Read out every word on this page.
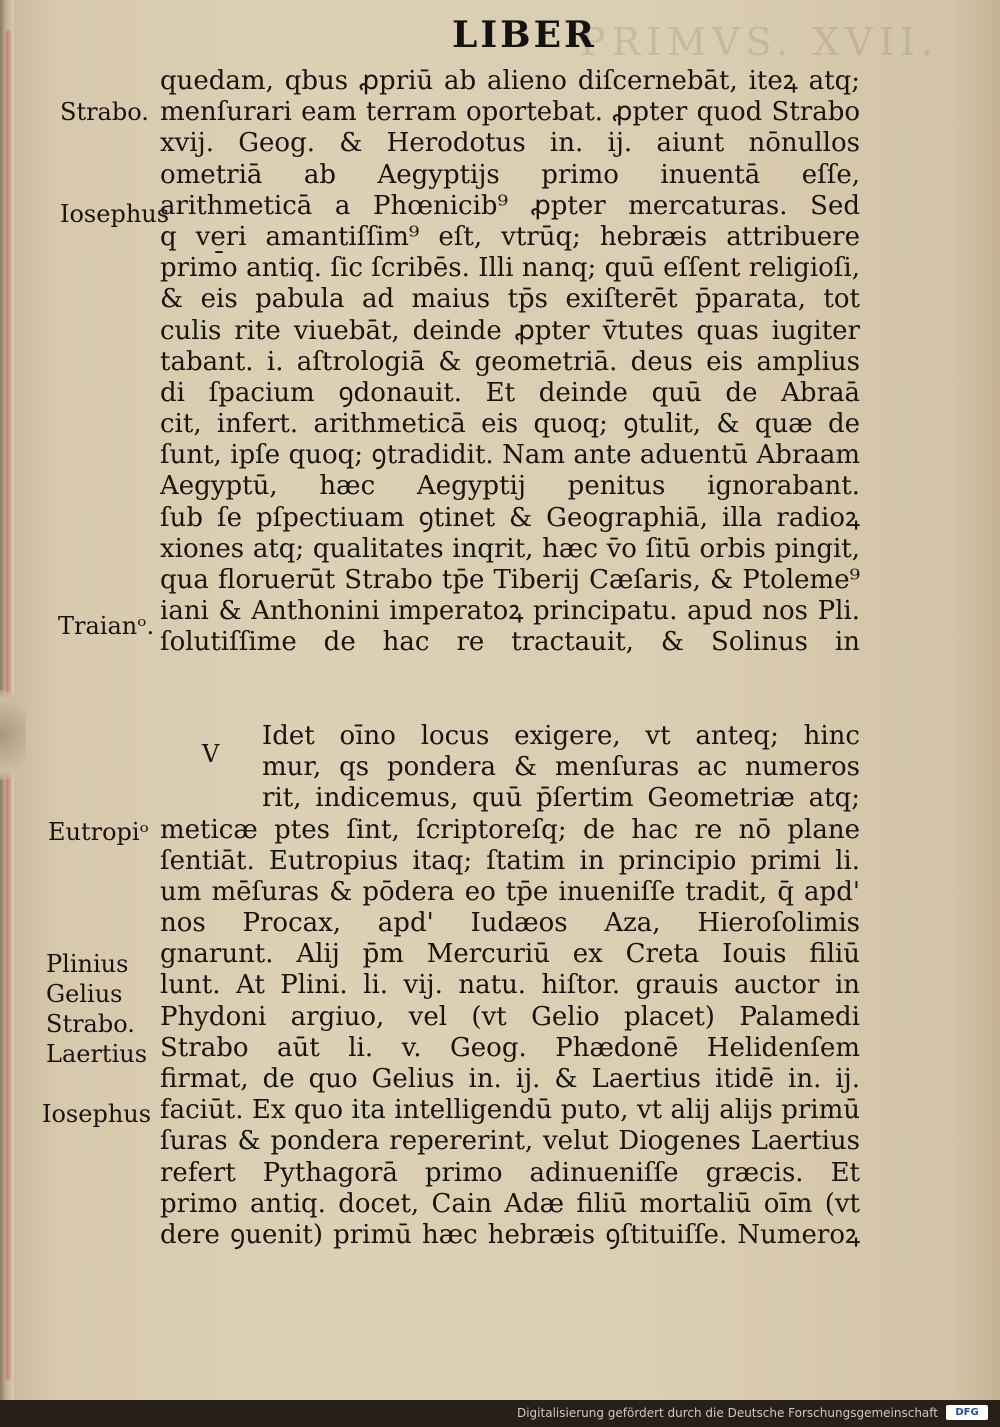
PRIMVS. XVII.
LIBER
quedam, qbus ꝓpriū ab alieno diſcernebāt, iteꝝ atq;
menſurari eam terram oportebat. ꝓpter quod Strabo
xvij. Geog. & Herodotus in. ij. aiunt nōnullos
ometriā ab Aegyptijs primo inuentā eſſe,
arithmeticā a Phœnicib⁹ ꝓpter mercaturas. Sed
q veri amantiſſim⁹ eſt, vtrūq; hebræis attribuere
primo antiq. ſic ſcribēs. Illi nanq; quū eſſent religioſi,
& eis pabula ad maius tp̄s exiſterēt p̄parata, tot
culis rite viuebāt, deinde ꝓpter v̄tutes quas iugiter
tabant̄. i. aſtrologiā & geometriā. deus eis amplius
di ſpacium ꝯdonauit. Et deinde quū de Abraā
cit, infert. arithmeticā eis quoq; ꝯtulit, & quæ de
ſunt, ipſe quoq; ꝯtradidit. Nam ante aduentū Abraam
Aegyptū, hæc Aegyptij penitus ignorabant.
ſub ſe pſpectiuam ꝯtinet & Geographiā, illa radioꝝ
xiones atq; qualitates inqrit, hæc v̄o ſitū orbis pingit,
qua floruerūt Strabo tp̄e Tiberij Cæſaris, & Ptoleme⁹
iani & Anthonini imperatoꝝ principatu. apud nos Pli.
ſolutiſſime de hac re tractauit, & Solinus in
Idet̄ oīno locus exigere, vt anteq; hinc
mur, qs pondera & menſuras ac numeros
rit, indicemus, quū p̄ſertim Geometriæ atq;
meticæ ptes ſint, ſcriptoreſq; de hac re nō plane
ſentiāt. Eutropius itaq; ſtatim in principio primi li.
um mēſuras & pōdera eo tp̄e inueniſſe tradit, q̄ apd'
nos Procax, apd' Iudæos Aza, Hieroſolimis
gnarunt. Alij p̄m Mercuriū ex Creta Iouis filiū
lunt. At Plini. li. vij. natu. hiſtor. grauis auctor in
Phydoni argiuo, vel (vt Gelio placet) Palamedi
Strabo aūt li. v. Geog. Phædonē Helidenſem
firmat, de quo Gelius in. ij. & Laertius itidē in. ij.
faciūt. Ex quo ita intelligendū puto, vt alij alijs primū
ſuras & pondera repererint, velut Diogenes Laertius
refert Pythagorā primo adinueniſſe græcis. Et
primo antiq. docet, Cain Adæ filiū mortaliū oīm (vt
dere ꝯuenit) primū hæc hebræis ꝯſtituiſſe. Numeroꝝ
V
Strabo.
Iosephus
Traianᵒ.
Eutropiᵒ
Plinius
Gelius
Strabo.
Laertius
Iosephus
Digitalisierung gefördert durch die Deutsche Forschungsgemeinschaft	DFG
